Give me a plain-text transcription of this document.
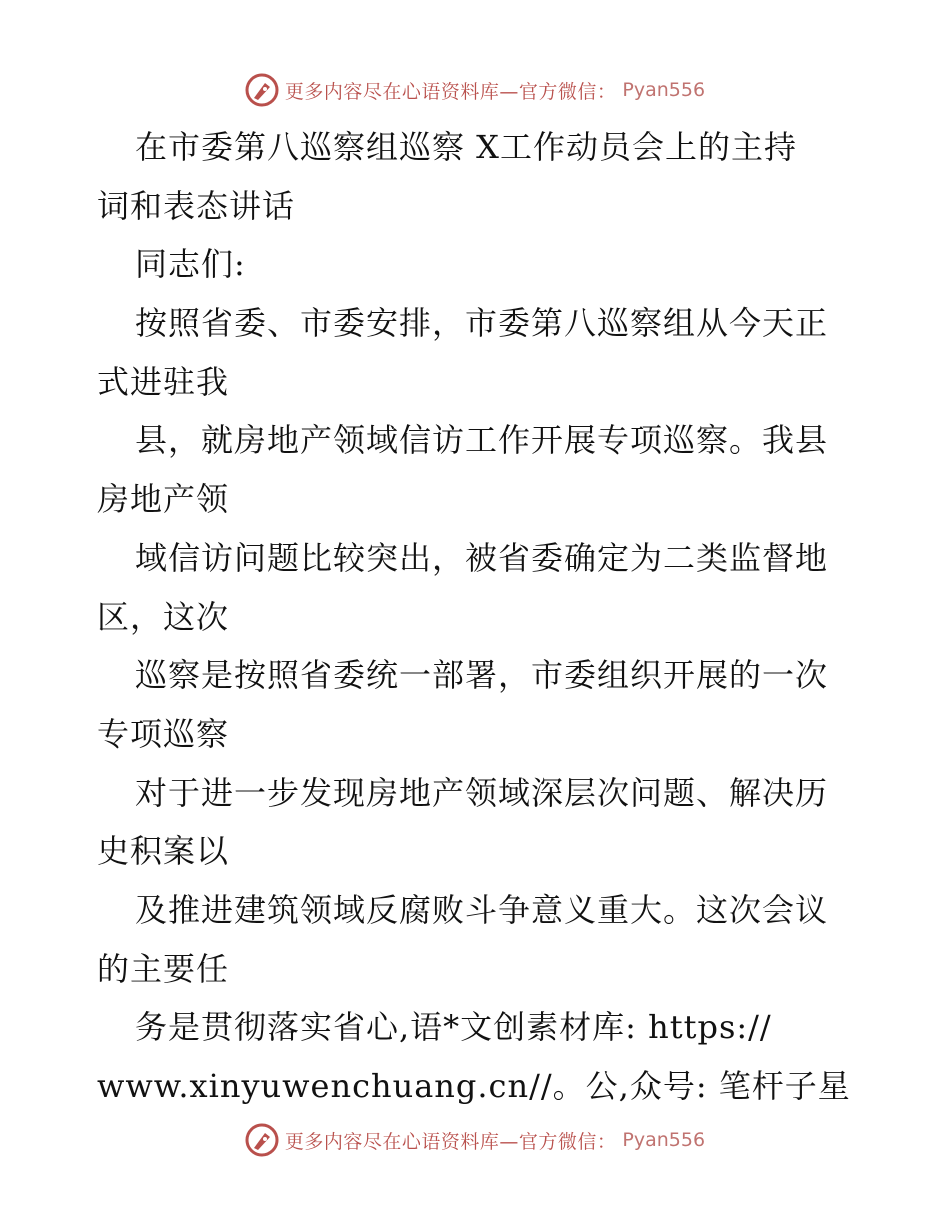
更多内容尽在心语资料库—官方微信： Pyan556
在市委第八巡察组巡察 X工作动员会上的主持
词和表态讲话
同志们:
按照省委、市委安排，市委第八巡察组从今天正
式进驻我
县，就房地产领域信访工作开展专项巡察。我县
房地产领
域信访问题比较突出，被省委确定为二类监督地
区，这次
巡察是按照省委统一部署，市委组织开展的一次
专项巡察
对于进一步发现房地产领域深层次问题、解决历
史积案以
及推进建筑领域反腐败斗争意义重大。这次会议
的主要任
务是贯彻落实省心,语*文创素材库: https://
www.xinyuwenchuang.cn//。公,众号: 笔杆子星
更多内容尽在心语资料库—官方微信： Pyan556
